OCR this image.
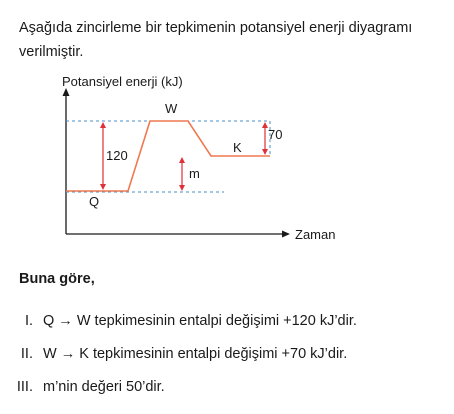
Aşağıda zincirleme bir tepkimenin potansiyel enerji diyagramı verilmiştir.
Potansiyel enerji (kJ)
Zaman
120
70
m
W
K
Q
Buna göre,
I. Q → W tepkimesinin entalpi değişimi +120 kJ’dir.
II. W → K tepkimesinin entalpi değişimi +70 kJ’dir.
III. m’nin değeri 50’dir.
